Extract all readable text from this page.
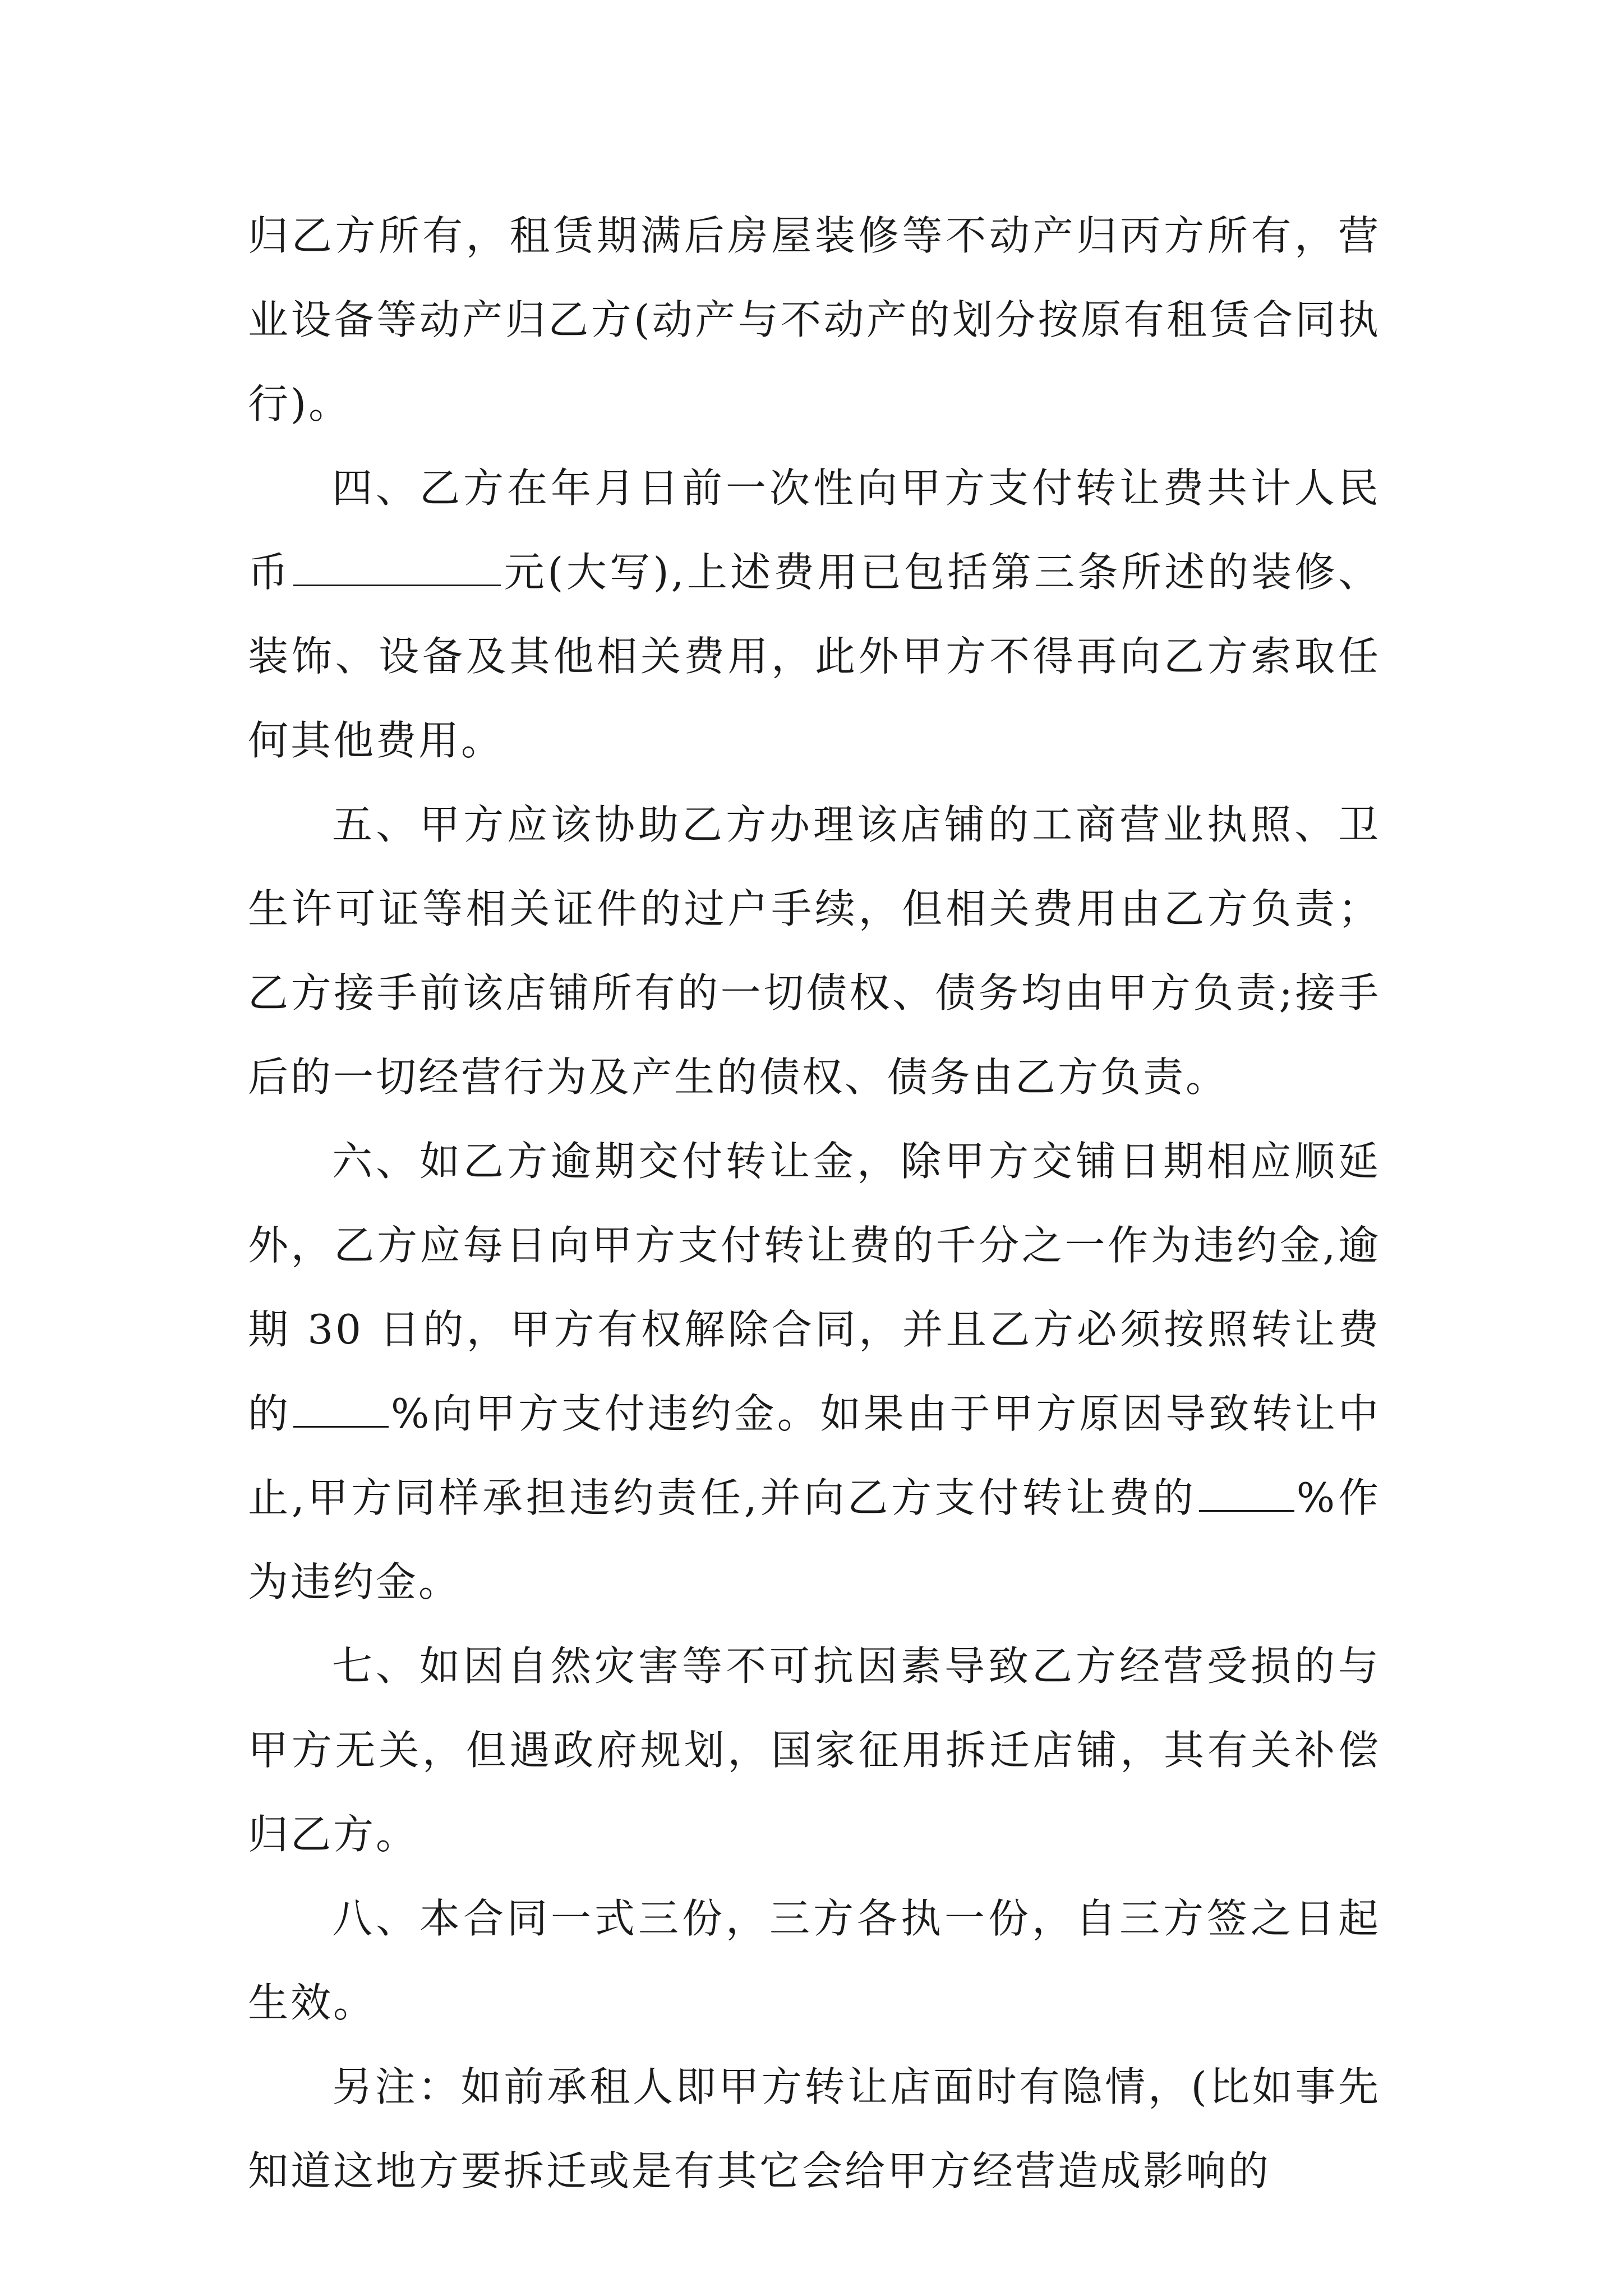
归乙方所有，租赁期满后房屋装修等不动产归丙方所有，营业设备等动产归乙方(动产与不动产的划分按原有租赁合同执行)。

四、乙方在年月日前一次性向甲方支付转让费共计人民币	元(大写),上述费用已包括第三条所述的装修、装饰、设备及其他相关费用，此外甲方不得再向乙方索取任何其他费用。

五、甲方应该协助乙方办理该店铺的工商营业执照、卫生许可证等相关证件的过户手续，但相关费用由乙方负责；乙方接手前该店铺所有的一切债权、债务均由甲方负责;接手后的一切经营行为及产生的债权、债务由乙方负责。

六、如乙方逾期交付转让金，除甲方交铺日期相应顺延外，乙方应每日向甲方支付转让费的千分之一作为违约金,逾期 30 日的，甲方有权解除合同，并且乙方必须按照转让费的 %向甲方支付违约金。如果由于甲方原因导致转让中止,甲方同样承担违约责任,并向乙方支付转让费的 %作为违约金。

七、如因自然灾害等不可抗因素导致乙方经营受损的与甲方无关，但遇政府规划，国家征用拆迁店铺，其有关补偿归乙方。

八、本合同一式三份，三方各执一份，自三方签之日起生效。

另注：如前承租人即甲方转让店面时有隐情，(比如事先知道这地方要拆迁或是有其它会给甲方经营造成影响的
